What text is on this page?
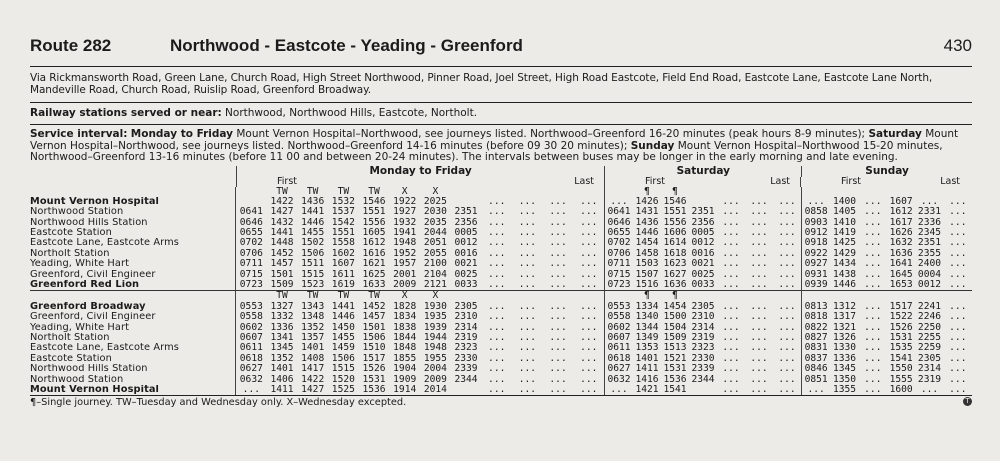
Route 282	Northwood - Eastcote - Yeading - Greenford	430
Via Rickmansworth Road, Green Lane, Church Road, High Street Northwood, Pinner Road, Joel Street, High Road Eastcote, Field End Road, Eastcote Lane, Eastcote Lane North, Mandeville Road, Church Road, Ruislip Road, Greenford Broadway.
Railway stations served or near: Northwood, Northwood Hills, Eastcote, Northolt.
Service interval: Monday to Friday Mount Vernon Hospital–Northwood, see journeys listed. Northwood–Greenford 16-20 minutes (peak hours 8-9 minutes); Saturday Mount Vernon Hospital–Northwood, see journeys listed. Northwood–Greenford 14-16 minutes (before 09 30 20 minutes); Sunday Mount Vernon Hospital–Northwood 15-20 minutes, Northwood–Greenford 13-16 minutes (before 11 00 and between 20-24 minutes). The intervals between buses may be longer in the early morning and late evening.
Monday to Friday	Saturday	Sunday
First	Last	First	Last	First	Last
TW	TW	TW	TW	X	X	¶	¶
Mount Vernon Hospital	1422 1436 1532 1546 1922 2025	...	...	...	...	... 1426 1546	...	...	...	... 1400 ... 1607 ...	...
Northwood Station	0641 1427 1441 1537 1551 1927 2030 2351	...	...	...	...	0641 1431 1551 2351 ...	...	... 0858 1405 ... 1612 2331 ...
Northwood Hills Station	0646 1432 1446 1542 1556 1932 2035 2356	...	...	...	...	0646 1436 1556 2356 ...	...	... 0903 1410 ... 1617 2336 ...
Eastcote Station	0655 1441 1455 1551 1605 1941 2044 0005	...	...	...	...	0655 1446 1606 0005 ...	...	... 0912 1419 ... 1626 2345 ...
Eastcote Lane, Eastcote Arms	0702 1448 1502 1558 1612 1948 2051 0012	...	...	...	...	0702 1454 1614 0012 ...	...	... 0918 1425 ... 1632 2351 ...
Northolt Station	0706 1452 1506 1602 1616 1952 2055 0016	...	...	...	...	0706 1458 1618 0016 ...	...	... 0922 1429 ... 1636 2355 ...
Yeading, White Hart	0711 1457 1511 1607 1621 1957 2100 0021	...	...	...	...	0711 1503 1623 0021 ...	...	... 0927 1434 ... 1641 2400 ...
Greenford, Civil Engineer	0715 1501 1515 1611 1625 2001 2104 0025	...	...	...	...	0715 1507 1627 0025 ...	...	... 0931 1438 ... 1645 0004 ...
Greenford Red Lion	0723 1509 1523 1619 1633 2009 2121 0033	...	...	...	...	0723 1516 1636 0033 ...	...	... 0939 1446 ... 1653 0012 ...
TW	TW	TW	TW	X	X	¶	¶
Greenford Broadway	0553 1327 1343 1441 1452 1828 1930 2305	...	...	...	...	0553 1334 1454 2305 ...	...	... 0813 1312 ... 1517 2241 ...
Greenford, Civil Engineer	0558 1332 1348 1446 1457 1834 1935 2310	...	...	...	...	0558 1340 1500 2310 ...	...	... 0818 1317 ... 1522 2246 ...
Yeading, White Hart	0602 1336 1352 1450 1501 1838 1939 2314	...	...	...	...	0602 1344 1504 2314 ...	...	... 0822 1321 ... 1526 2250 ...
Northolt Station	0607 1341 1357 1455 1506 1844 1944 2319	...	...	...	...	0607 1349 1509 2319 ...	...	... 0827 1326 ... 1531 2255 ...
Eastcote Lane, Eastcote Arms	0611 1345 1401 1459 1510 1848 1948 2323	...	...	...	...	0611 1353 1513 2323 ...	...	... 0831 1330 ... 1535 2259 ...
Eastcote Station	0618 1352 1408 1506 1517 1855 1955 2330	...	...	...	...	0618 1401 1521 2330 ...	...	... 0837 1336 ... 1541 2305 ...
Northwood Hills Station	0627 1401 1417 1515 1526 1904 2004 2339	...	...	...	...	0627 1411 1531 2339 ...	...	... 0846 1345 ... 1550 2314 ...
Northwood Station	0632 1406 1422 1520 1531 1909 2009 2344	...	...	...	...	0632 1416 1536 2344 ...	...	... 0851 1350 ... 1555 2319 ...
Mount Vernon Hospital	...	1411 1427 1525 1536 1914 2014	...	...	...	...	... 1421 1541	...	...	...	... 1355 ... 1600 ...	...
¶–Single journey. TW–Tuesday and Wednesday only. X–Wednesday excepted.	T
